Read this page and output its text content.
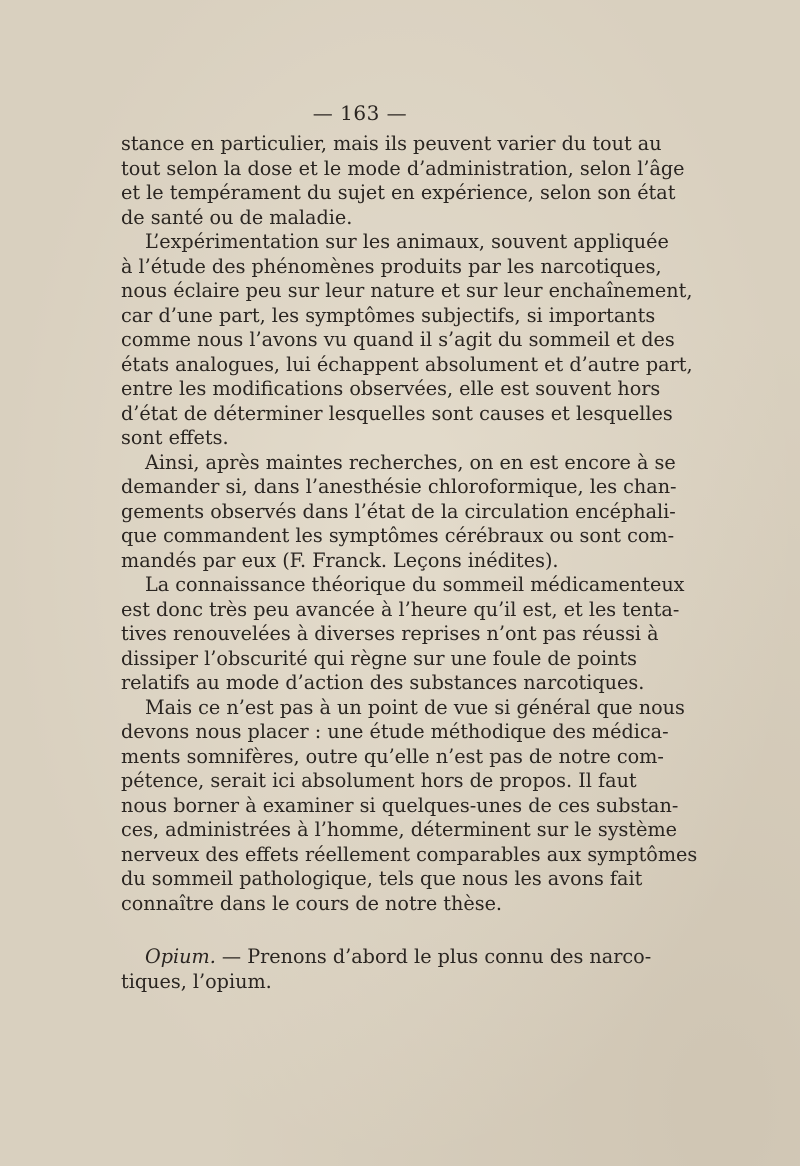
— 163 —
stance en particulier, mais ils peuvent varier du tout au
tout selon la dose et le mode d’administration, selon l’âge
et le tempérament du sujet en expérience, selon son état
de santé ou de maladie.
L’expérimentation sur les animaux, souvent appliquée
à l’étude des phénomènes produits par les narcotiques,
nous éclaire peu sur leur nature et sur leur enchaînement,
car d’une part, les symptômes subjectifs, si importants
comme nous l’avons vu quand il s’agit du sommeil et des
états analogues, lui échappent absolument et d’autre part,
entre les modifications observées, elle est souvent hors
d’état de déterminer lesquelles sont causes et lesquelles
sont effets.
Ainsi, après maintes recherches, on en est encore à se
demander si, dans l’anesthésie chloroformique, les chan-
gements observés dans l’état de la circulation encéphali-
que commandent les symptômes cérébraux ou sont com-
mandés par eux (F. Franck. Leçons inédites).
La connaissance théorique du sommeil médicamenteux
est donc très peu avancée à l’heure qu’il est, et les tenta-
tives renouvelées à diverses reprises n’ont pas réussi à
dissiper l’obscurité qui règne sur une foule de points
relatifs au mode d’action des substances narcotiques.
Mais ce n’est pas à un point de vue si général que nous
devons nous placer : une étude méthodique des médica-
ments somnifères, outre qu’elle n’est pas de notre com-
pétence, serait ici absolument hors de propos. Il faut
nous borner à examiner si quelques-unes de ces substan-
ces, administrées à l’homme, déterminent sur le système
nerveux des effets réellement comparables aux symptômes
du sommeil pathologique, tels que nous les avons fait
connaître dans le cours de notre thèse.
Opium. — Prenons d’abord le plus connu des narco-
tiques, l’opium.
